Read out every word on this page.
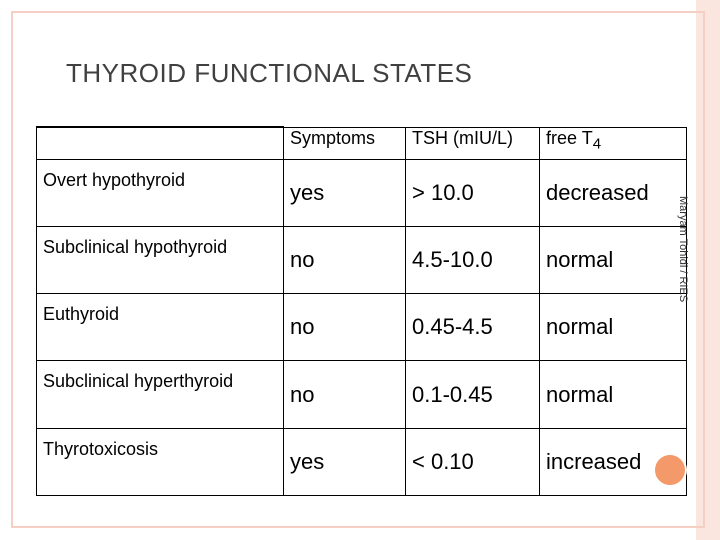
THYROID FUNCTIONAL STATES
	Symptoms	TSH (mIU/L)	free $T_4$
Overt hypothyroid	yes	> 10.0	decreased
Subclinical hypothyroid	no	4.5-10.0	normal
Euthyroid	no	0.45-4.5	normal
Subclinical hyperthyroid	no	0.1-0.45	normal
Thyrotoxicosis	yes	< 0.10	increased
Maryam Tohidi / RIES
